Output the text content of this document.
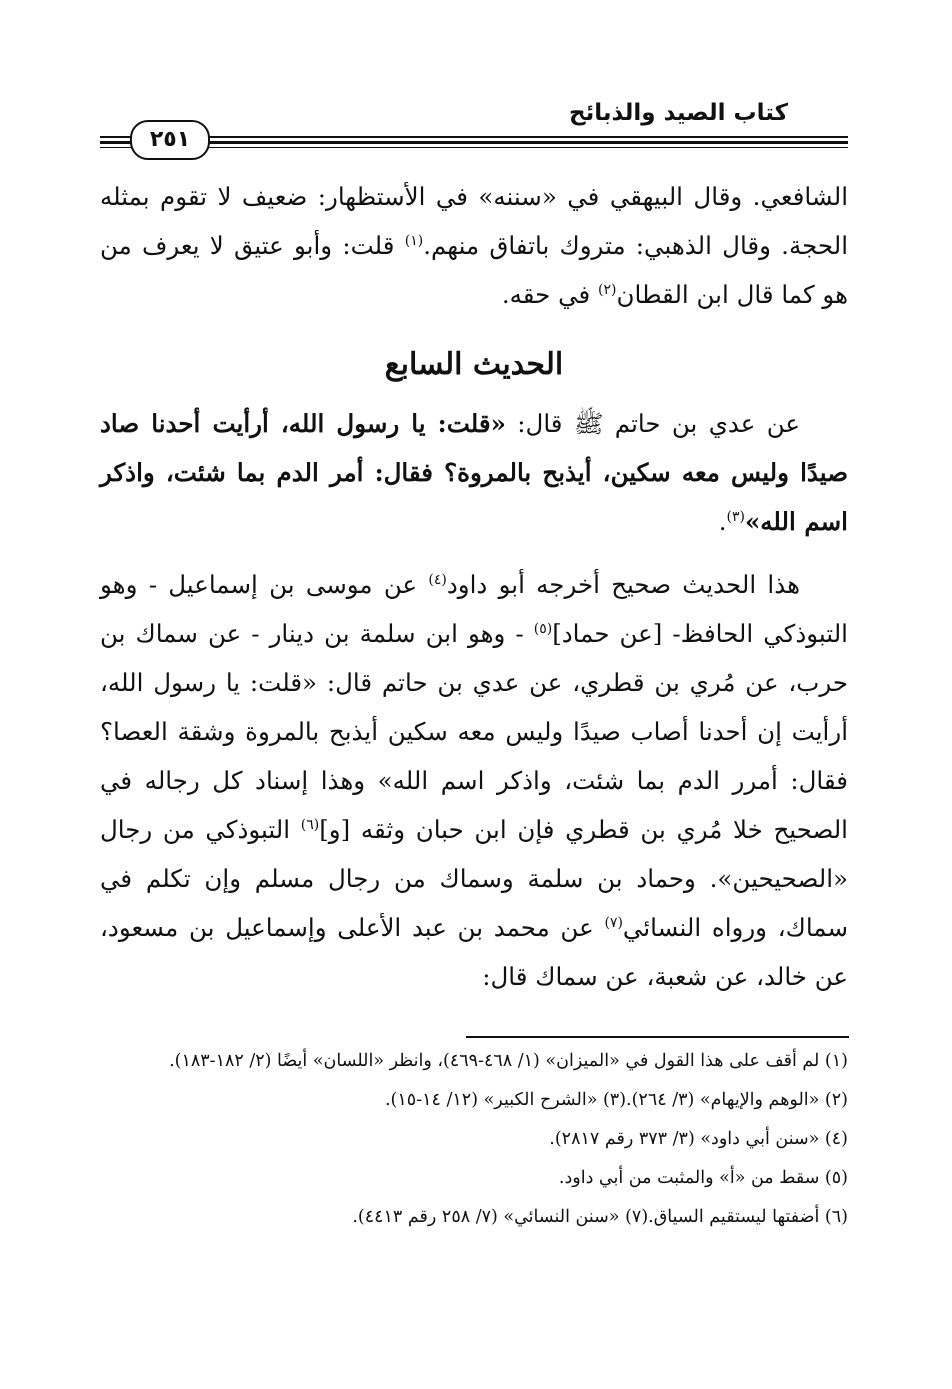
كتاب الصيد والذبائح
٢٥١

الشافعي. وقال البيهقي في «سننه» في الأستظهار: ضعيف لا تقوم بمثله الحجة. وقال الذهبي: متروك باتفاق منهم.$^{(١)}$ قلت: وأبو عتيق لا يعرف من هو كما قال ابن القطان$^{(٢)}$ في حقه.

الحديث السابع

عن عدي بن حاتم ﷺ قال: «قلت: يا رسول الله، أرأيت أحدنا صاد صيدًا وليس معه سكين، أيذبح بالمروة؟ فقال: أمر الدم بما شئت، واذكر اسم الله»$^{(٣)}$.

هذا الحديث صحيح أخرجه أبو داود$^{(٤)}$ عن موسى بن إسماعيل - وهو التبوذكي الحافظ- [عن حماد]$^{(٥)}$ - وهو ابن سلمة بن دينار - عن سماك بن حرب، عن مُري بن قطري، عن عدي بن حاتم قال: «قلت: يا رسول الله، أرأيت إن أحدنا أصاب صيدًا وليس معه سكين أيذبح بالمروة وشقة العصا؟ فقال: أمرر الدم بما شئت، واذكر اسم الله» وهذا إسناد كل رجاله في الصحيح خلا مُري بن قطري فإن ابن حبان وثقه [و]$^{(٦)}$ التبوذكي من رجال «الصحيحين». وحماد بن سلمة وسماك من رجال مسلم وإن تكلم في سماك، ورواه النسائي$^{(٧)}$ عن محمد بن عبد الأعلى وإسماعيل بن مسعود، عن خالد، عن شعبة، عن سماك قال:

(١) لم أقف على هذا القول في «الميزان» (١/ ٤٦٨-٤٦٩)، وانظر «اللسان» أيضًا (٢/ ١٨٢-١٨٣).

(٢) «الوهم والإيهام» (٣/ ٢٦٤).(٣) «الشرح الكبير» (١٢/ ١٤-١٥).

(٤) «سنن أبي داود» (٣/ ٣٧٣ رقم ٢٨١٧).

(٥) سقط من «أ» والمثبت من أبي داود.

(٦) أضفتها ليستقيم السياق.(٧) «سنن النسائي» (٧/ ٢٥٨ رقم ٤٤١٣).
